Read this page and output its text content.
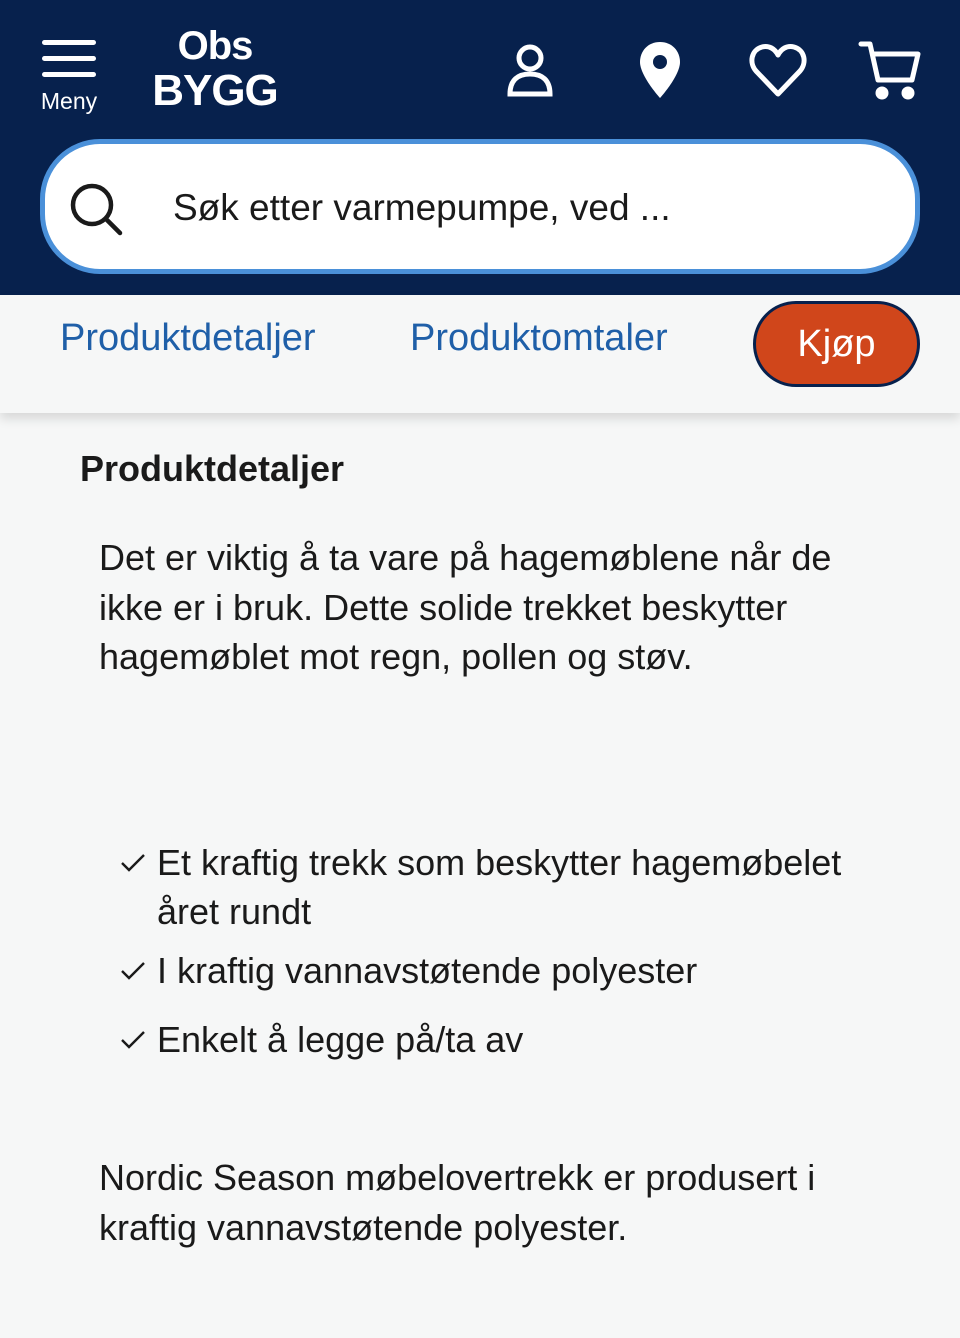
Meny
Obs
BYGG
Søk etter varmepumpe, ved ...
Produktdetaljer Produktomtaler	Kjøp
Produktdetaljer
Det er viktig å ta vare på hagemøblene når de ikke er i bruk. Dette solide trekket beskytter hagemøblet mot regn, pollen og støv.
Et kraftig trekk som beskytter hagemøbelet året rundt
I kraftig vannavstøtende polyester
Enkelt å legge på/ta av
Nordic Season møbelovertrekk er produsert i kraftig vannavstøtende polyester.
